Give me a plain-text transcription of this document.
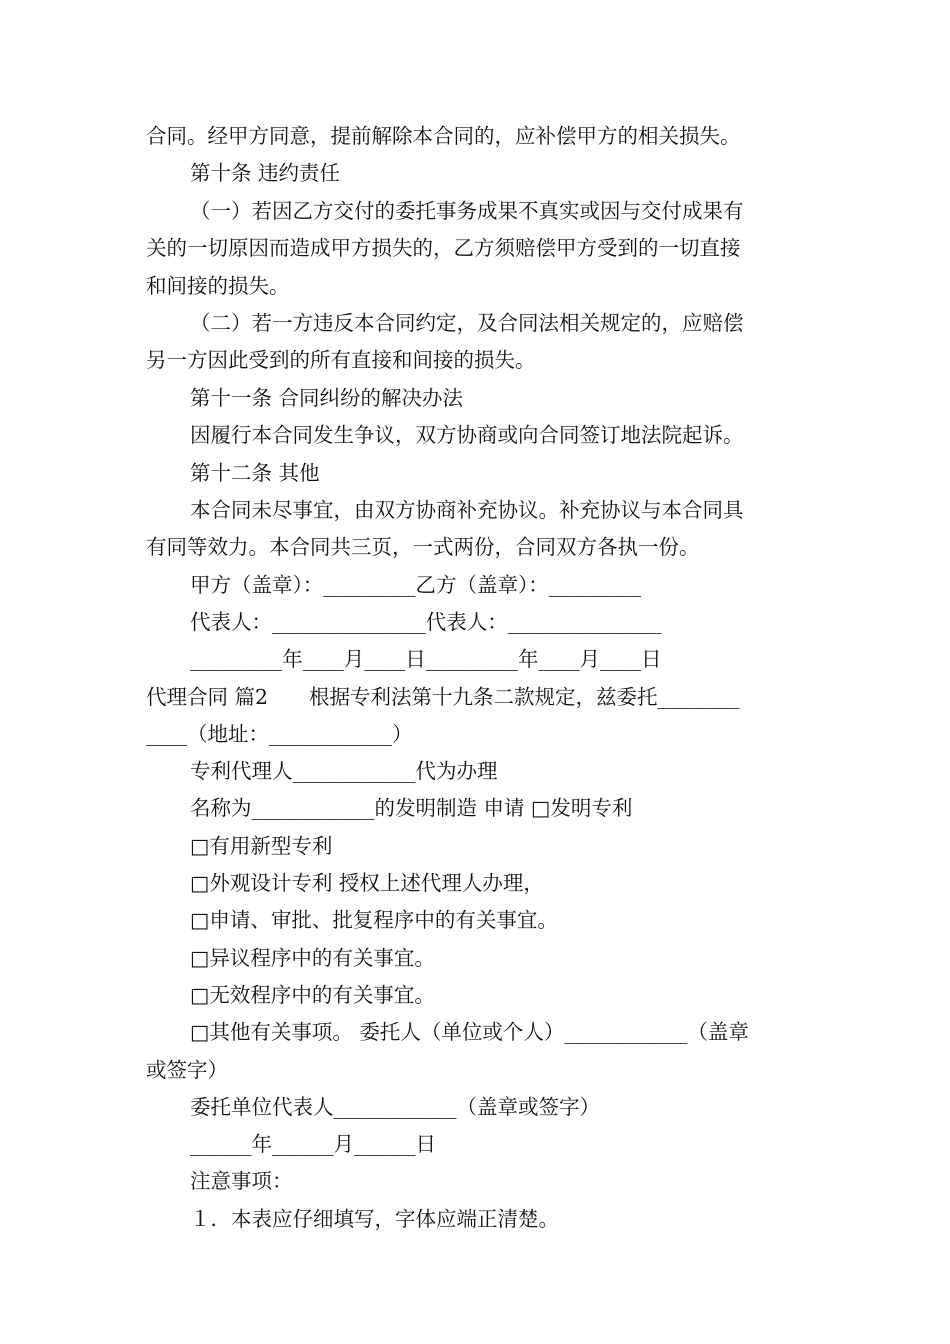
合同。经甲方同意，提前解除本合同的，应补偿甲方的相关损失。
第十条 违约责任
（一）若因乙方交付的委托事务成果不真实或因与交付成果有
关的一切原因而造成甲方损失的，乙方须赔偿甲方受到的一切直接
和间接的损失。
（二）若一方违反本合同约定，及合同法相关规定的，应赔偿
另一方因此受到的所有直接和间接的损失。
第十一条 合同纠纷的解决办法
因履行本合同发生争议，双方协商或向合同签订地法院起诉。
第十二条 其他
本合同未尽事宜，由双方协商补充协议。补充协议与本合同具
有同等效力。本合同共三页，一式两份，合同双方各执一份。
甲方（盖章）：_________乙方（盖章）：_________
代表人：_______________代表人：_______________
_________年____月____日_________年____月____日
代理合同 篇2　　根据专利法第十九条二款规定，兹委托________
____（地址：____________）
专利代理人____________代为办理
名称为____________的发明制造 申请 □发明专利
□有用新型专利
□外观设计专利 授权上述代理人办理，
□申请、审批、批复程序中的有关事宜。
□异议程序中的有关事宜。
□无效程序中的有关事宜。
□其他有关事项。 委托人（单位或个人）____________（盖章
或签字）
委托单位代表人____________（盖章或签字）
______年______月______日
注意事项：
１．本表应仔细填写，字体应端正清楚。
